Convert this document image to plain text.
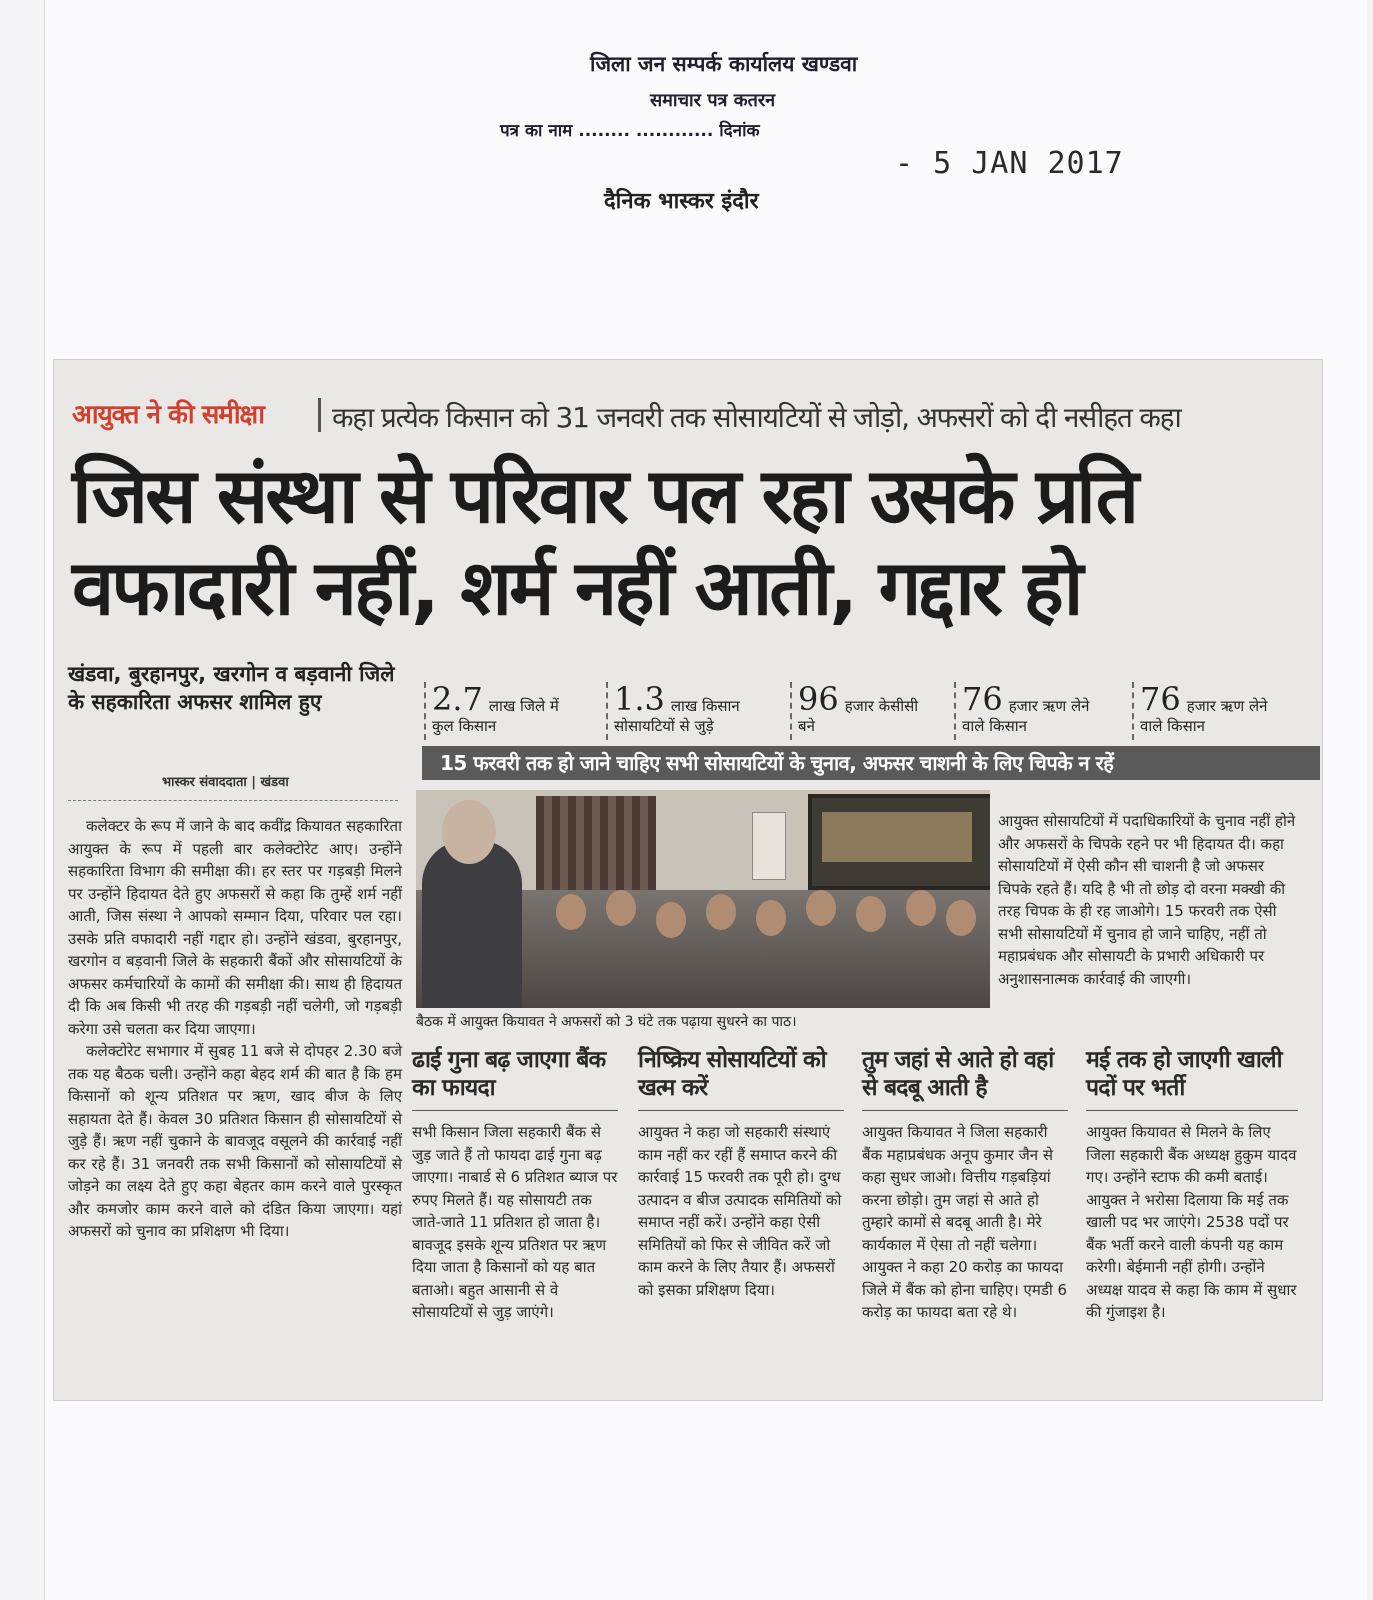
जिला जन सम्पर्क कार्यालय खण्डवा
समाचार पत्र कतरन
पत्र का नाम ........ ............ दिनांक
- 5 JAN 2017
दैनिक भास्कर इंदौर
आयुक्त ने की समीक्षा कहा प्रत्येक किसान को 31 जनवरी तक सोसायटियों से जोड़ो, अफसरों को दी नसीहत कहा
जिस संस्था से परिवार पल रहा उसके प्रति वफादारी नहीं, शर्म नहीं आती, गद्दार हो
खंडवा, बुरहानपुर, खरगोन व बड़वानी जिले के सहकारिता अफसर शामिल हुए
भास्कर संवाददाता | खंडवा
2.7 लाख जिले में
कुल किसान
1.3 लाख किसान
सोसायटियों से जुड़े
96 हजार केसीसी
बने
76 हजार ऋण लेने
वाले किसान
76 हजार ऋण लेने
वाले किसान
15 फरवरी तक हो जाने चाहिए सभी सोसायटियों के चुनाव, अफसर चाशनी के लिए चिपके न रहें
बैठक में आयुक्त कियावत ने अफसरों को 3 घंटे तक पढ़ाया सुधरने का पाठ।
आयुक्त सोसायटियों में पदाधिकारियों के चुनाव नहीं होने और अफसरों के चिपके रहने पर भी हिदायत दी। कहा सोसायटियों में ऐसी कौन सी चाशनी है जो अफसर चिपके रहते हैं। यदि है भी तो छोड़ दो वरना मक्खी की तरह चिपक के ही रह जाओगे। 15 फरवरी तक ऐसी सभी सोसायटियों में चुनाव हो जाने चाहिए, नहीं तो महाप्रबंधक और सोसायटी के प्रभारी अधिकारी पर अनुशासनात्मक कार्रवाई की जाएगी।

कलेक्टर के रूप में जाने के बाद कवींद्र कियावत सहकारिता आयुक्त के रूप में पहली बार कलेक्टोरेट आए। उन्होंने सहकारिता विभाग की समीक्षा की। हर स्तर पर गड़बड़ी मिलने पर उन्होंने हिदायत देते हुए अफसरों से कहा कि तुम्हें शर्म नहीं आती, जिस संस्था ने आपको सम्मान दिया, परिवार पल रहा। उसके प्रति वफादारी नहीं गद्दार हो। उन्होंने खंडवा, बुरहानपुर, खरगोन व बड़वानी जिले के सहकारी बैंकों और सोसायटियों के अफसर कर्मचारियों के कामों की समीक्षा की। साथ ही हिदायत दी कि अब किसी भी तरह की गड़बड़ी नहीं चलेगी, जो गड़बड़ी करेगा उसे चलता कर दिया जाएगा।

कलेक्टोरेट सभागार में सुबह 11 बजे से दोपहर 2.30 बजे तक यह बैठक चली। उन्होंने कहा बेहद शर्म की बात है कि हम किसानों को शून्य प्रतिशत पर ऋण, खाद बीज के लिए सहायता देते हैं। केवल 30 प्रतिशत किसान ही सोसायटियों से जुड़े हैं। ऋण नहीं चुकाने के बावजूद वसूलने की कार्रवाई नहीं कर रहे हैं। 31 जनवरी तक सभी किसानों को सोसायटियों से जोड़ने का लक्ष्य देते हुए कहा बेहतर काम करने वाले पुरस्कृत और कमजोर काम करने वाले को दंडित किया जाएगा। यहां अफसरों को चुनाव का प्रशिक्षण भी दिया।

ढाई गुना बढ़ जाएगा बैंक का फायदा
सभी किसान जिला सहकारी बैंक से जुड़ जाते हैं तो फायदा ढाई गुना बढ़ जाएगा। नाबार्ड से 6 प्रतिशत ब्याज पर रुपए मिलते हैं। यह सोसायटी तक जाते-जाते 11 प्रतिशत हो जाता है। बावजूद इसके शून्य प्रतिशत पर ऋण दिया जाता है किसानों को यह बात बताओ। बहुत आसानी से वे सोसायटियों से जुड़ जाएंगे।
निष्क्रिय सोसायटियों को खत्म करें
आयुक्त ने कहा जो सहकारी संस्थाएं काम नहीं कर रहीं हैं समाप्त करने की कार्रवाई 15 फरवरी तक पूरी हो। दुग्ध उत्पादन व बीज उत्पादक समितियों को समाप्त नहीं करें। उन्होंने कहा ऐसी समितियों को फिर से जीवित करें जो काम करने के लिए तैयार हैं। अफसरों को इसका प्रशिक्षण दिया।
तुम जहां से आते हो वहां से बदबू आती है
आयुक्त कियावत ने जिला सहकारी बैंक महाप्रबंधक अनूप कुमार जैन से कहा सुधर जाओ। वित्तीय गड़बड़ियां करना छोड़ो। तुम जहां से आते हो तुम्हारे कामों से बदबू आती है। मेरे कार्यकाल में ऐसा तो नहीं चलेगा। आयुक्त ने कहा 20 करोड़ का फायदा जिले में बैंक को होना चाहिए। एमडी 6 करोड़ का फायदा बता रहे थे।
मई तक हो जाएगी खाली पदों पर भर्ती
आयुक्त कियावत से मिलने के लिए जिला सहकारी बैंक अध्यक्ष हुकुम यादव गए। उन्होंने स्टाफ की कमी बताई। आयुक्त ने भरोसा दिलाया कि मई तक खाली पद भर जाएंगे। 2538 पदों पर बैंक भर्ती करने वाली कंपनी यह काम करेगी। बेईमानी नहीं होगी। उन्होंने अध्यक्ष यादव से कहा कि काम में सुधार की गुंजाइश है।
